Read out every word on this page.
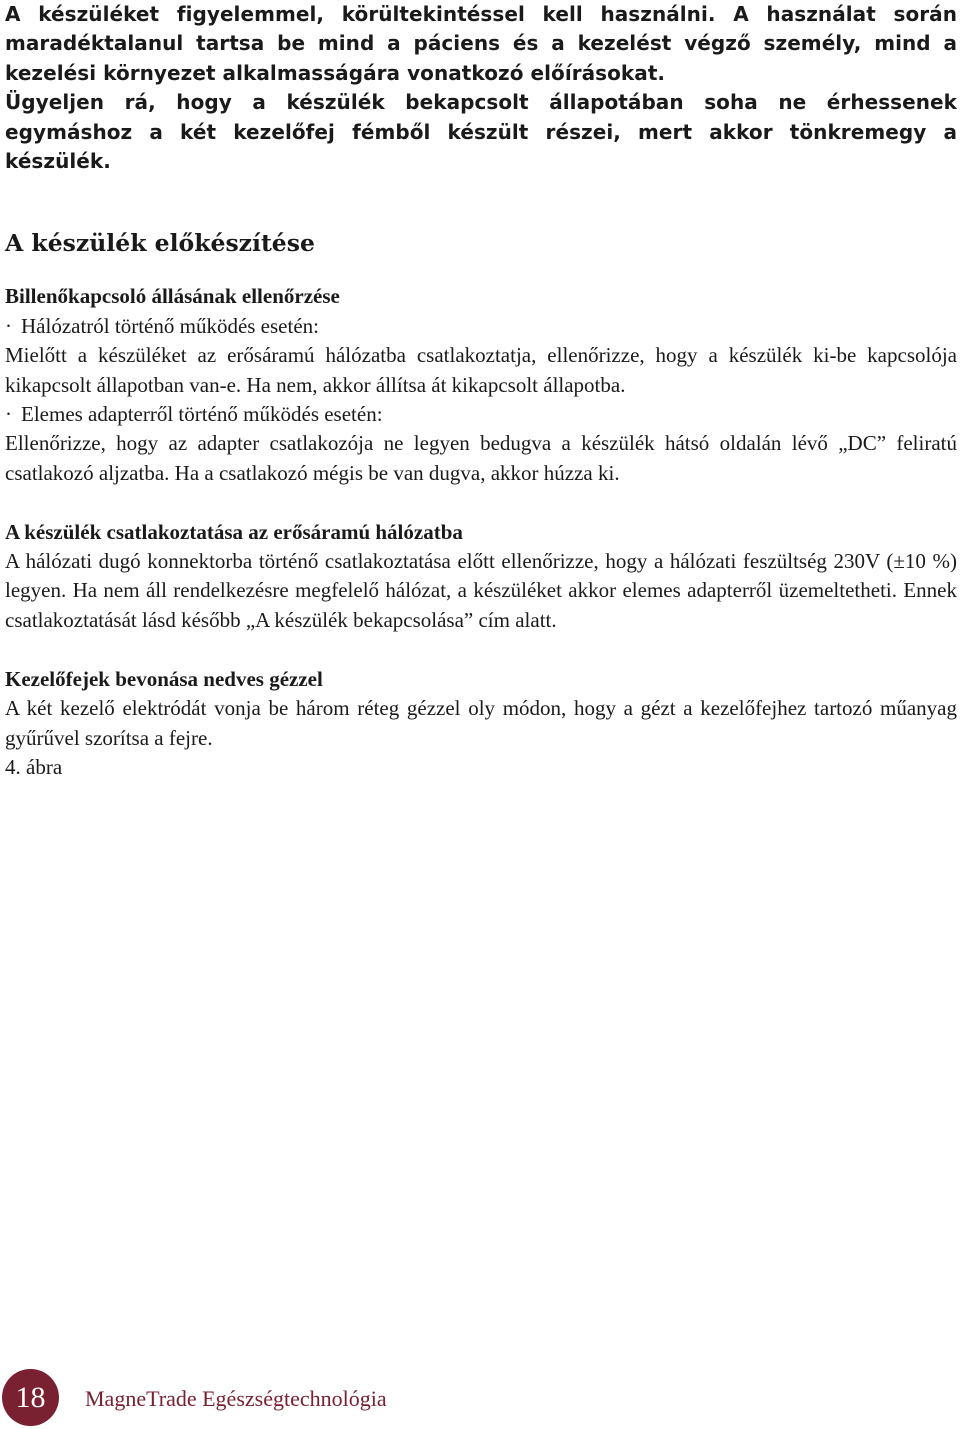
A készüléket figyelemmel, körültekintéssel kell használni. A használat során maradéktalanul tartsa be mind a páciens és a kezelést végző személy, mind a kezelési környezet alkalmasságára vonatkozó előírásokat.

Ügyeljen rá, hogy a készülék bekapcsolt állapotában soha ne érhessenek egymáshoz a két kezelőfej fémből készült részei, mert akkor tönkremegy a készülék.

A készülék előkészítése
Billenőkapcsoló állásának ellenőrzése

· Hálózatról történő működés esetén:

Mielőtt a készüléket az erősáramú hálózatba csatlakoztatja, ellenőrizze, hogy a készülék ki-be kapcsolója kikapcsolt állapotban van-e. Ha nem, akkor állítsa át kikapcsolt állapotba.

· Elemes adapterről történő működés esetén:

Ellenőrizze, hogy az adapter csatlakozója ne legyen bedugva a készülék hátsó oldalán lévő „DC” feliratú csatlakozó aljzatba. Ha a csatlakozó mégis be van dugva, akkor húzza ki.

A készülék csatlakoztatása az erősáramú hálózatba

A hálózati dugó konnektorba történő csatlakoztatása előtt ellenőrizze, hogy a hálózati feszültség 230V (±10 %) legyen. Ha nem áll rendelkezésre megfelelő hálózat, a készüléket akkor elemes adapterről üzemeltetheti. Ennek csatlakoztatását lásd később „A készülék bekapcsolása” cím alatt.

Kezelőfejek bevonása nedves gézzel

A két kezelő elektródát vonja be három réteg gézzel oly módon, hogy a gézt a kezelőfejhez tartozó műanyag gyűrűvel szorítsa a fejre.

4. ábra

18	MagneTrade Egészségtechnológia
